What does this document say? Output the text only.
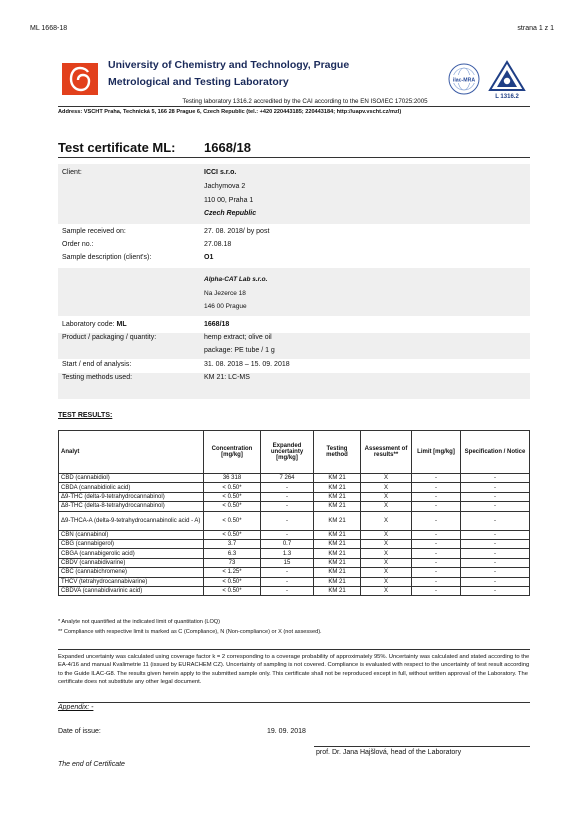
ML 1668-18	strana 1 z 1
University of Chemistry and Technology, Prague
Metrological and Testing Laboratory	ilac-MRA
L 1316.2
Testing laboratory 1316.2 accredited by the CAI according to the EN ISO/IEC 17025:2005
Address: VSCHT Praha, Technická 5, 166 28 Prague 6, Czech Republic (tel.: +420 220443185; 220443184; http://uapv.vscht.cz/mzl)
Test certificate ML: 1668/18
Client:	ICCI s.r.o.
Jachymova 2
110 00, Praha 1
Czech Republic
Sample received on:	27. 08. 2018/ by post
Order no.:	27.08.18
Sample description (client's):	O1
Alpha-CAT Lab s.r.o.
Na Jezerce 18
146 00 Prague
Laboratory code: ML	1668/18
Product / packaging / quantity:	hemp extract; olive oil
package: PE tube / 1 g
Start / end of analysis:	31. 08. 2018 – 15. 09. 2018
Testing methods used:	KM 21: LC-MS
TEST RESULTS:
Analyt	Concentration [mg/kg]	Expanded uncertainty [mg/kg]	Testing method	Assessment of results**	Limit [mg/kg]	Specification / Notice
CBD (cannabidiol)	36 318	7 264	KM 21	X	-	-
CBDA (cannabidiolic acid)	< 0.50*	-	KM 21	X	-	-
Δ9-THC (delta-9-tetrahydrocannabinol)	< 0.50*	-	KM 21	X	-	-
Δ8-THC (delta-8-tetrahydrocannabinol)	< 0.50*	-	KM 21	X	-	-
Δ9-THCA-A (delta-9-tetrahydrocannabinolic acid - A)	< 0.50*	-	KM 21	X	-	-
CBN (cannabinol)	< 0.50*	-	KM 21	X	-	-
CBG (cannabigerol)	3.7	0.7	KM 21	X	-	-
CBGA (cannabigerolic acid)	6.3	1.3	KM 21	X	-	-
CBDV (cannabidivarine)	73	15	KM 21	X	-	-
CBC (cannabichromene)	< 1.25*	-	KM 21	X	-	-
THCV (tetrahydrocannabivarine)	< 0.50*	-	KM 21	X	-	-
CBDVA (cannabidivarinic acid)	< 0.50*	-	KM 21	X	-	-
* Analyte not quantified at the indicated limit of quantitation (LOQ)
** Compliance with respective limit is marked as C (Compliance), N (Non-compliance) or X (not assessed).
Expanded uncertainty was calculated using coverage factor k = 2 corresponding to a coverage probability of approximately 95%. Uncertainty was calculated and stated according to the EA-4/16 and manual Kvalimetrie 11 (issued by EURACHEM CZ). Uncertainty of sampling is not covered. Compliance is evaluated with respect to the uncertainty of test result according to the Guide ILAC-G8. The results given herein apply to the submitted sample only. This certificate shall not be reproduced except in full, without written approval of the Laboratory. The certificate does not substitute any other legal document.
Appendix: -
Date of issue:	19. 09. 2018
prof. Dr. Jana Hajšlová, head of the Laboratory
The end of Certificate
